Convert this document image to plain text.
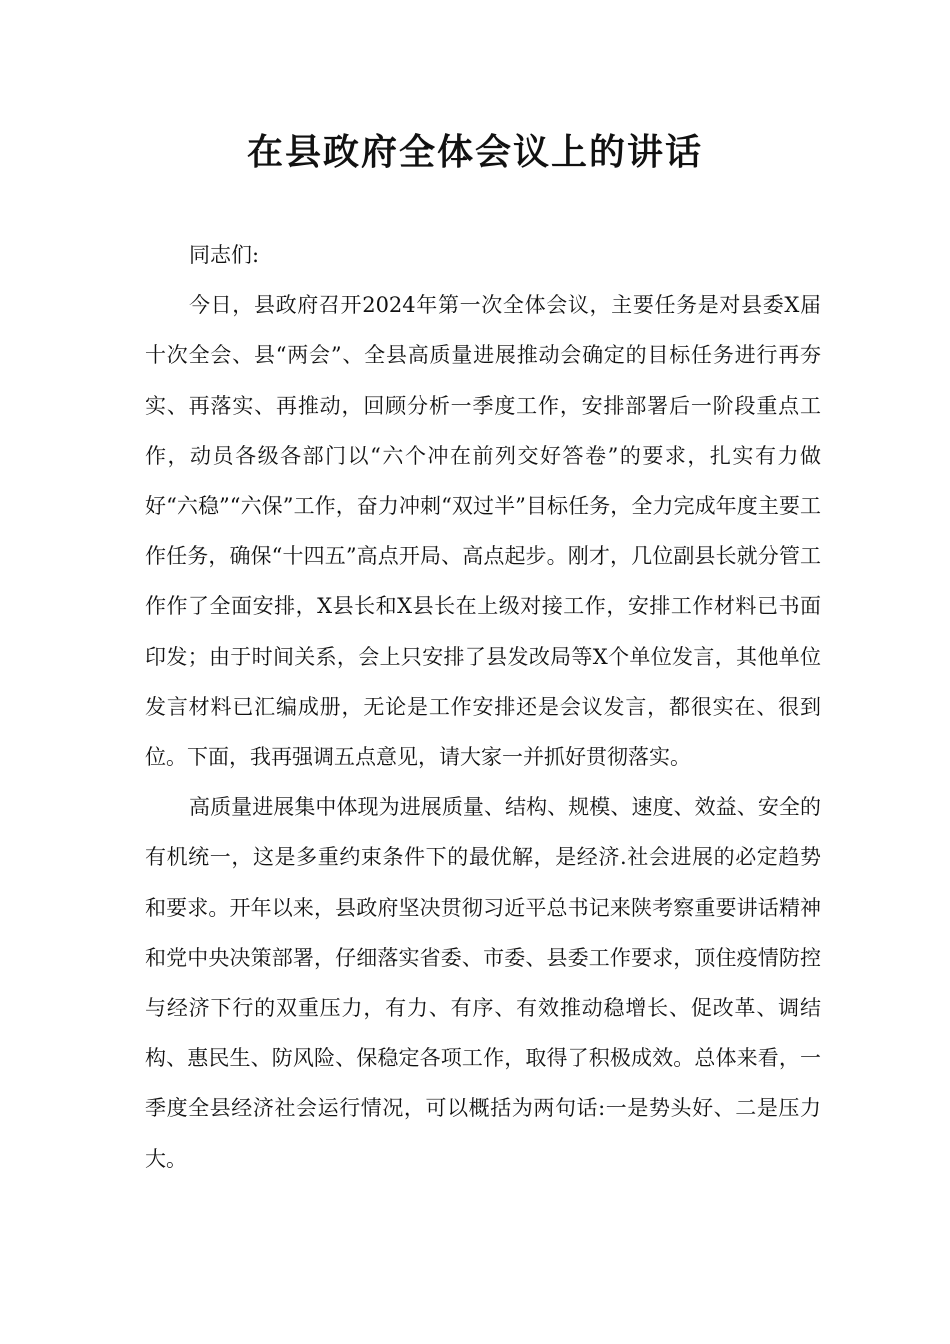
在县政府全体会议上的讲话

同志们:

今日，县政府召开2024年第一次全体会议，主要任务是对县委X届十次全会、县“两会”、全县高质量进展推动会确定的目标任务进行再夯实、再落实、再推动，回顾分析一季度工作，安排部署后一阶段重点工作，动员各级各部门以“六个冲在前列交好答卷”的要求，扎实有力做好“六稳”“六保”工作，奋力冲刺“双过半”目标任务，全力完成年度主要工作任务，确保“十四五”高点开局、高点起步。刚才，几位副县长就分管工作作了全面安排，X县长和X县长在上级对接工作，安排工作材料已书面印发；由于时间关系，会上只安排了县发改局等X个单位发言，其他单位发言材料已汇编成册，无论是工作安排还是会议发言，都很实在、很到位。下面，我再强调五点意见，请大家一并抓好贯彻落实。

高质量进展集中体现为进展质量、结构、规模、速度、效益、安全的有机统一，这是多重约束条件下的最优解，是经济.社会进展的必定趋势和要求。开年以来，县政府坚决贯彻习近平总书记来陕考察重要讲话精神和党中央决策部署，仔细落实省委、市委、县委工作要求，顶住疫情防控与经济下行的双重压力，有力、有序、有效推动稳增长、促改革、调结构、惠民生、防风险、保稳定各项工作，取得了积极成效。总体来看，一季度全县经济社会运行情况，可以概括为两句话:一是势头好、二是压力大。
